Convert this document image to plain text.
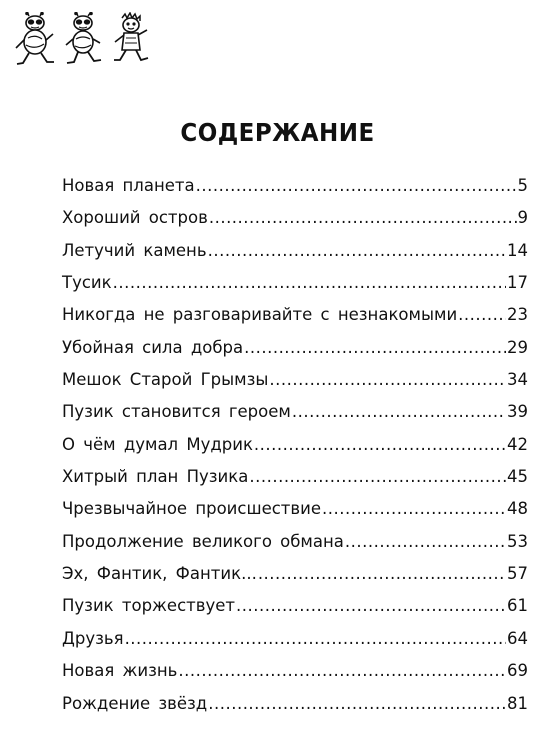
СОДЕРЖАНИЕ
Новая планета .....	5
Хороший остров .....	9
Летучий камень .....	14
Тусик .....	17
Никогда не разговаривайте с незнакомыми .....	23
Убойная сила добра .....	29
Мешок Старой Грымзы .....	34
Пузик становится героем .....	39
О чём думал Мудрик .....	42
Хитрый план Пузика .....	45
Чрезвычайное происшествие .....	48
Продолжение великого обмана .....	53
Эх, Фантик, Фантик... .....	57
Пузик торжествует .....	61
Друзья .....	64
Новая жизнь .....	69
Рождение звёзд .....	81
